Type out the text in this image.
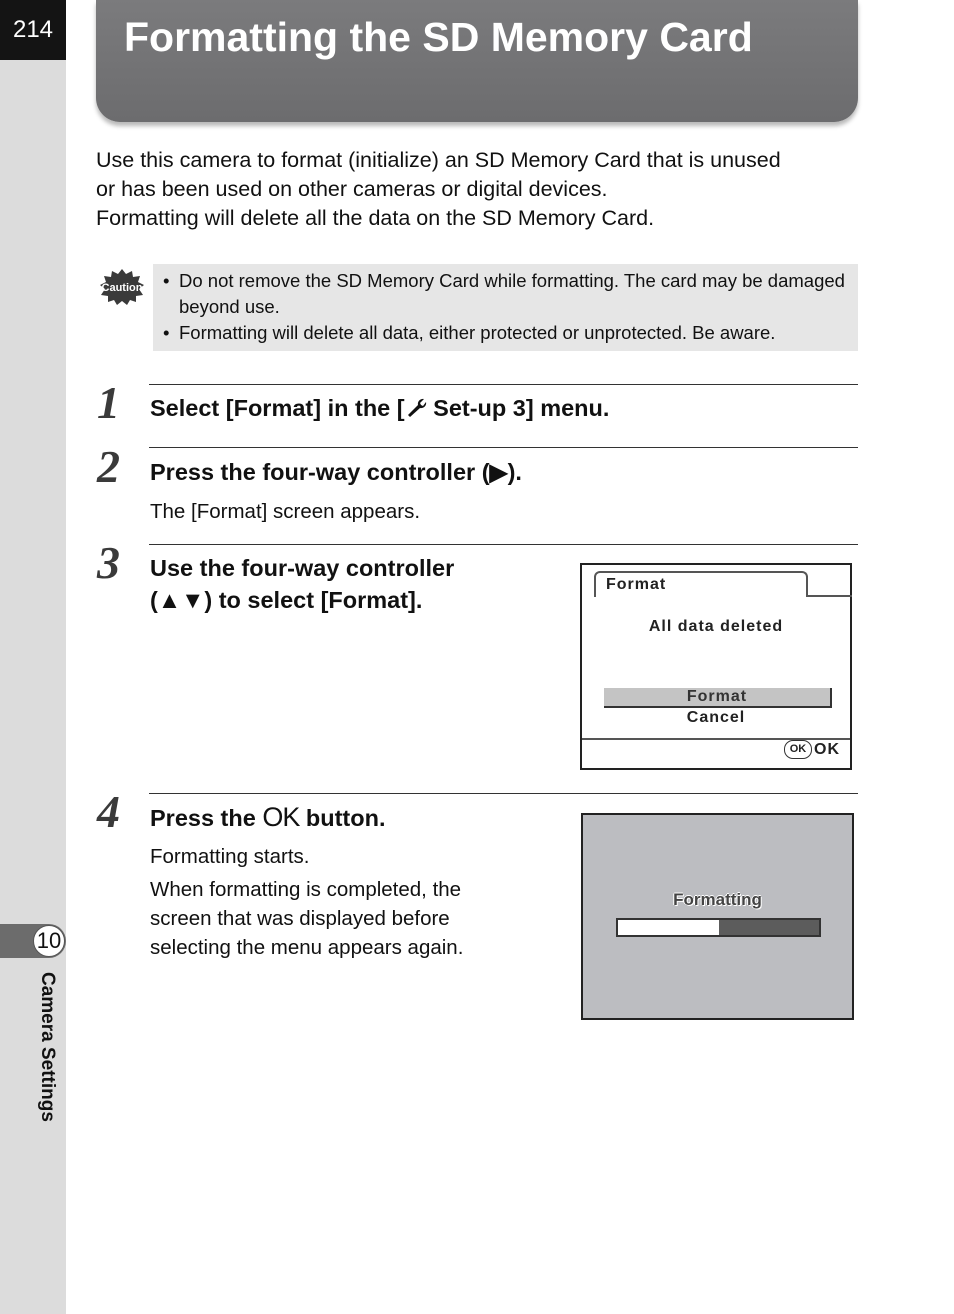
214
10
Camera Settings
Formatting the SD Memory Card

Use this camera to format (initialize) an SD Memory Card that is unused

or has been used on other cameras or digital devices.

Formatting will delete all the data on the SD Memory Card.

Caution • Do not remove the SD Memory Card while formatting. The card may be damaged beyond use.

• Formatting will delete all data, either protected or unprotected. Be aware.

1 Select [Format] in the [ Set-up 3] menu.

2 Press the four-way controller (▶).

The [Format] screen appears.

3 Use the four-way controller
(▲▼) to select [Format].

Format
All data deleted
Format
Cancel
OK OK
4 Press the OK button.

Formatting starts.

When formatting is completed, the screen that was displayed before selecting the menu appears again.

Formatting
